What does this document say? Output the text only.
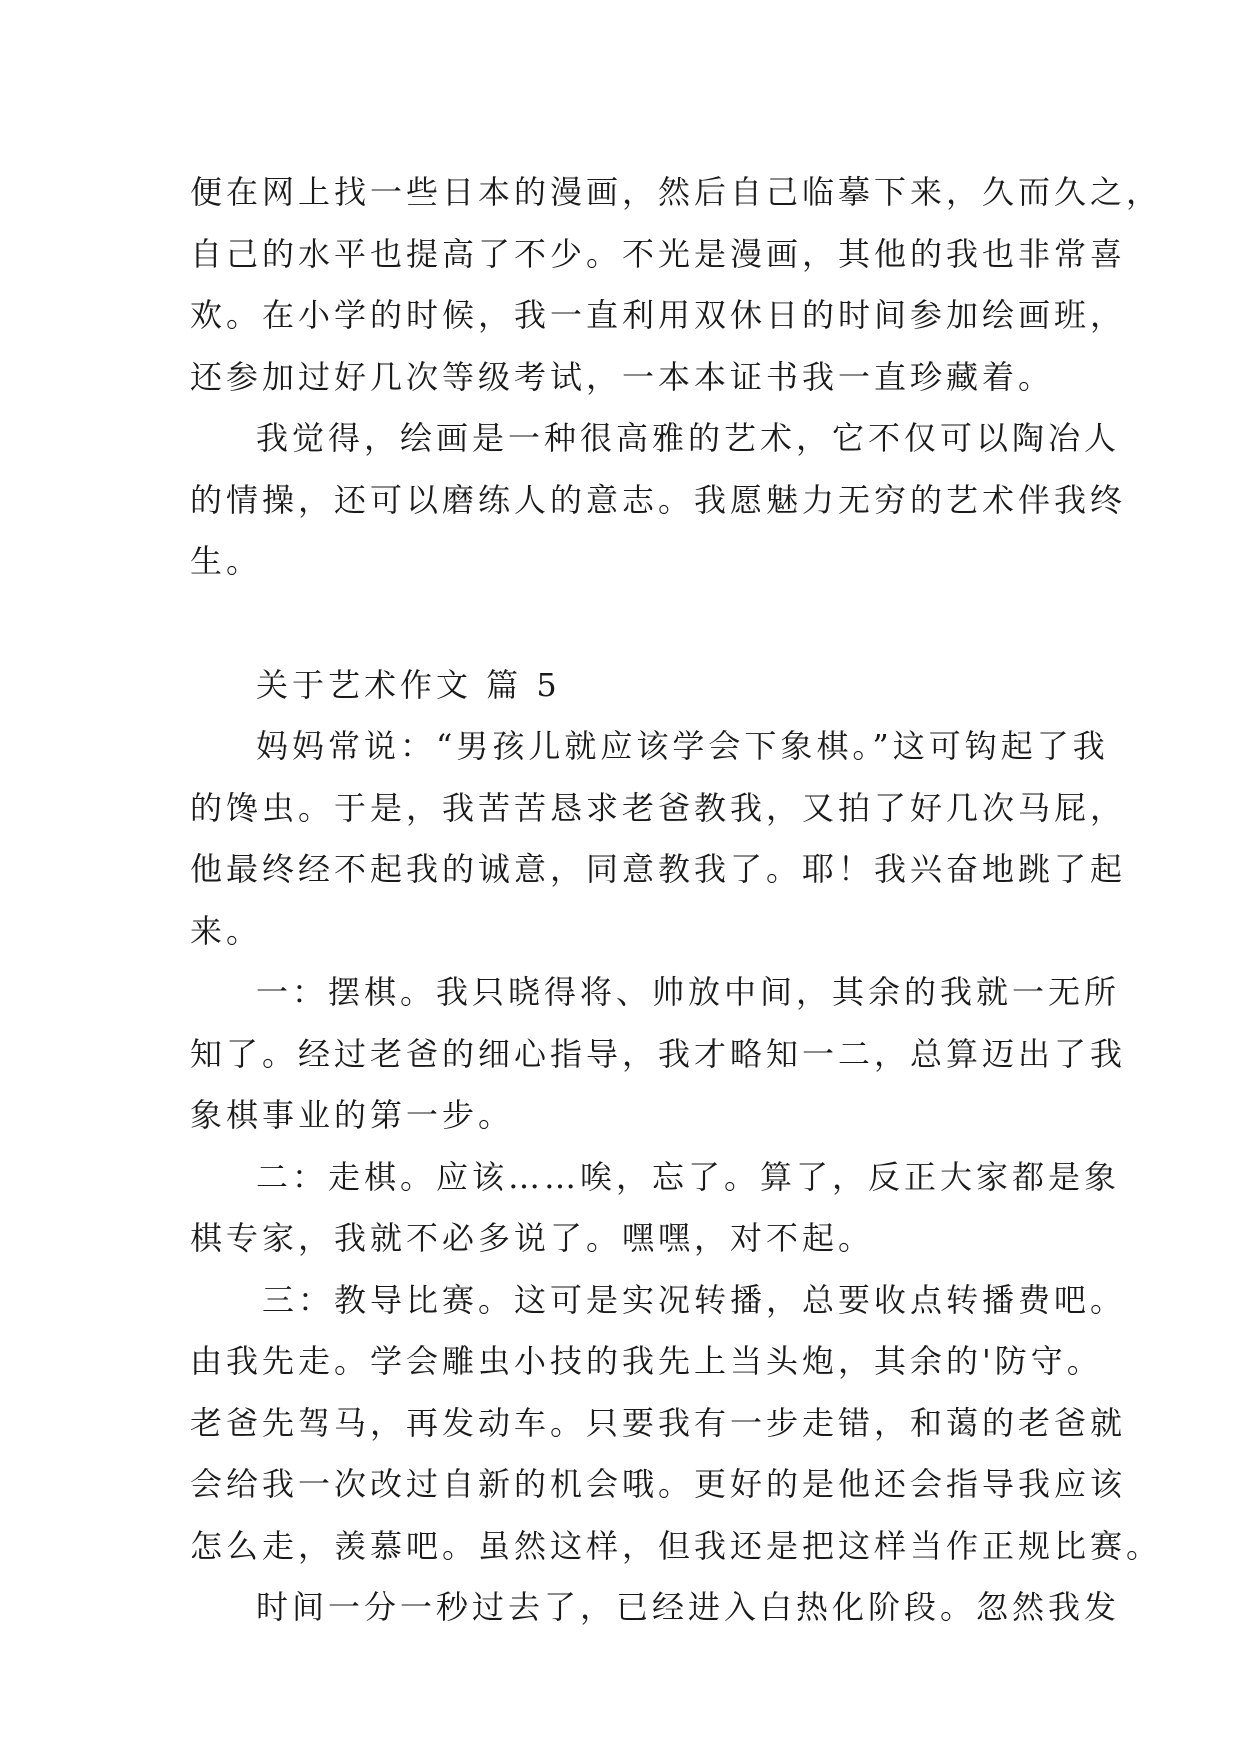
便在网上找一些日本的漫画，然后自己临摹下来，久而久之，
自己的水平也提高了不少。不光是漫画，其他的我也非常喜
欢。在小学的时候，我一直利用双休日的时间参加绘画班，
还参加过好几次等级考试，一本本证书我一直珍藏着。
我觉得，绘画是一种很高雅的艺术，它不仅可以陶冶人
的情操，还可以磨练人的意志。我愿魅力无穷的艺术伴我终
生。
关于艺术作文 篇 5
妈妈常说：“男孩儿就应该学会下象棋。”这可钩起了我
的馋虫。于是，我苦苦恳求老爸教我，又拍了好几次马屁，
他最终经不起我的诚意，同意教我了。耶！我兴奋地跳了起
来。
一：摆棋。我只晓得将、帅放中间，其余的我就一无所
知了。经过老爸的细心指导，我才略知一二，总算迈出了我
象棋事业的第一步。
二：走棋。应该……唉，忘了。算了，反正大家都是象
棋专家，我就不必多说了。嘿嘿，对不起。
三：教导比赛。这可是实况转播，总要收点转播费吧。
由我先走。学会雕虫小技的我先上当头炮，其余的'防守。
老爸先驾马，再发动车。只要我有一步走错，和蔼的老爸就
会给我一次改过自新的机会哦。更好的是他还会指导我应该
怎么走，羡慕吧。虽然这样，但我还是把这样当作正规比赛。
时间一分一秒过去了，已经进入白热化阶段。忽然我发
